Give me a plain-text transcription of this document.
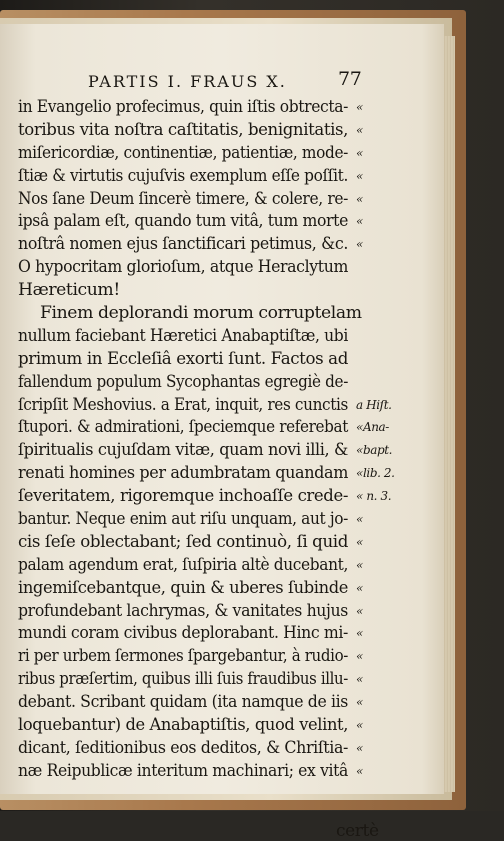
PARTIS I. FRAUS X.	77
in Evangelio profecimus, quin iſtis obtrecta- «
toribus vita noſtra caſtitatis, benignitatis, «
miſericordiæ, continentiæ, patientiæ, mode- «
ſtiæ & virtutis cujuſvis exemplum eſſe poſſit. «
Nos ſane Deum ſincerè timere, & colere, re- «
ipsâ palam eſt, quando tum vitâ, tum morte «
noſtrâ nomen ejus ſanctificari petimus, &c. «
O hypocritam glorioſum, atque Heraclytum
Hæreticum!
Finem deplorandi morum corruptelam
nullum faciebant Hæretici Anabaptiſtæ, ubi
primum in Eccleſiâ exorti ſunt. Factos ad
fallendum populum Sycophantas egregiè de-
ſcripſit Meshovius. a Erat, inquit, res cunctis a Hiſt.
ſtupori. & admirationi, ſpeciemque referebat «Ana-
ſpiritualis cujuſdam vitæ, quam novi illi, & «bapt.
renati homines per adumbratam quandam «lib. 2.
ſeveritatem, rigoremque inchoaſſe crede- « n. 3.
bantur. Neque enim aut riſu unquam, aut jo- «
cis ſeſe oblectabant; ſed continuò, ſi quid «
palam agendum erat, ſuſpiria altè ducebant, «
ingemiſcebantque, quin & uberes ſubinde «
profundebant lachrymas, & vanitates hujus «
mundi coram civibus deplorabant. Hinc mi- «
ri per urbem ſermones ſpargebantur, à rudio- «
ribus præſertim, quibus illi ſuis fraudibus illu- «
debant. Scribant quidam (ita namque de iis «
loquebantur) de Anabaptiſtis, quod velint, «
dicant, ſeditionibus eos deditos, & Chriſtia- «
næ Reipublicæ interitum machinari; ex vitâ «
certè
